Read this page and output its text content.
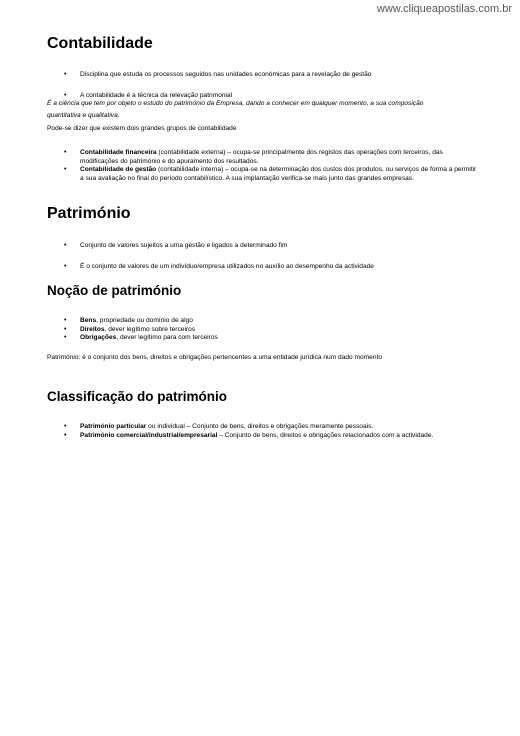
www.cliqueapostilas.com.br
Contabilidade
• Disciplina que estuda os processos seguidos nas unidades económicas para a revelação de gestão
• A contabilidade é a técnica da relevação patrimonial

É a ciência que tem por objeto o estudo do património da Empresa, dando a conhecer em qualquer momento, a sua composição

quantitativa e qualitativa.

Pode-se dizer que existem dois grandes grupos de contabilidade

• Contabilidade financeira (contabilidade externa) – ocupa-se principalmente dos registos das operações com terceiros, das modificações do património e do apuramento dos resultados.
• Contabilidade de gestão (contabilidade interna) – ocupa-se na determinação dos custos dos produtos, ou serviços de forma a permitir a sua avaliação no final do período contabilístico. A sua implantação verifica-se mais junto das grandes empresas.
Património
• Conjunto de valores sujeitos a uma gestão e ligados a determinado fim
• É o conjunto de valores de um indivíduo/empresa utilizados no auxílio ao desempenho da actividade
Noção de património
• Bens, propriedade ou domínio de algo
• Direitos, dever legítimo sobre terceiros
• Obrigações, dever legítimo para com terceiros

Património: é o conjunto dos bens, direitos e obrigações pertencentes a uma entidade jurídica num dado momento

Classificação do património
• Património particular ou individual – Conjunto de bens, direitos e obrigações meramente pessoais.
• Património comercial/industrial/empresarial – Conjunto de bens, direitos e obrigações relacionados com a actividade.
